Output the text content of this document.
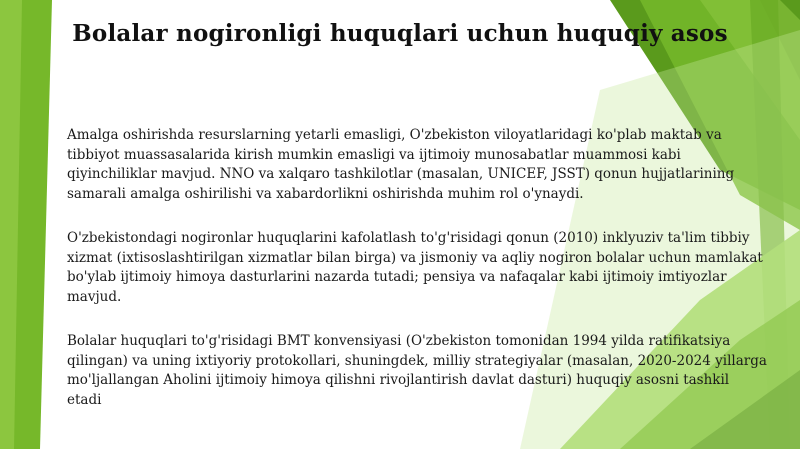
Bolalar nogironligi huquqlari uchun huquqiy asos
Amalga oshirishda resurslarning yetarli emasligi, O'zbekiston viloyatlaridagi ko'plab maktab va tibbiyot muassasalarida kirish mumkin emasligi va ijtimoiy munosabatlar muammosi kabi qiyinchiliklar mavjud. NNO va xalqaro tashkilotlar (masalan, UNICEF, JSST) qonun hujjatlarining samarali amalga oshirilishi va xabardorlikni oshirishda muhim rol o'ynaydi.
O'zbekistondagi nogironlar huquqlarini kafolatlash to'g'risidagi qonun (2010) inklyuziv ta'lim tibbiy xizmat (ixtisoslashtirilgan xizmatlar bilan birga) va jismoniy va aqliy nogiron bolalar uchun mamlakat bo'ylab ijtimoiy himoya dasturlarini nazarda tutadi; pensiya va nafaqalar kabi ijtimoiy imtiyozlar mavjud.
Bolalar huquqlari to'g'risidagi BMT konvensiyasi (O'zbekiston tomonidan 1994 yilda ratifikatsiya qilingan) va uning ixtiyoriy protokollari, shuningdek, milliy strategiyalar (masalan, 2020-2024 yillarga mo'ljallangan Aholini ijtimoiy himoya qilishni rivojlantirish davlat dasturi) huquqiy asosni tashkil etadi
